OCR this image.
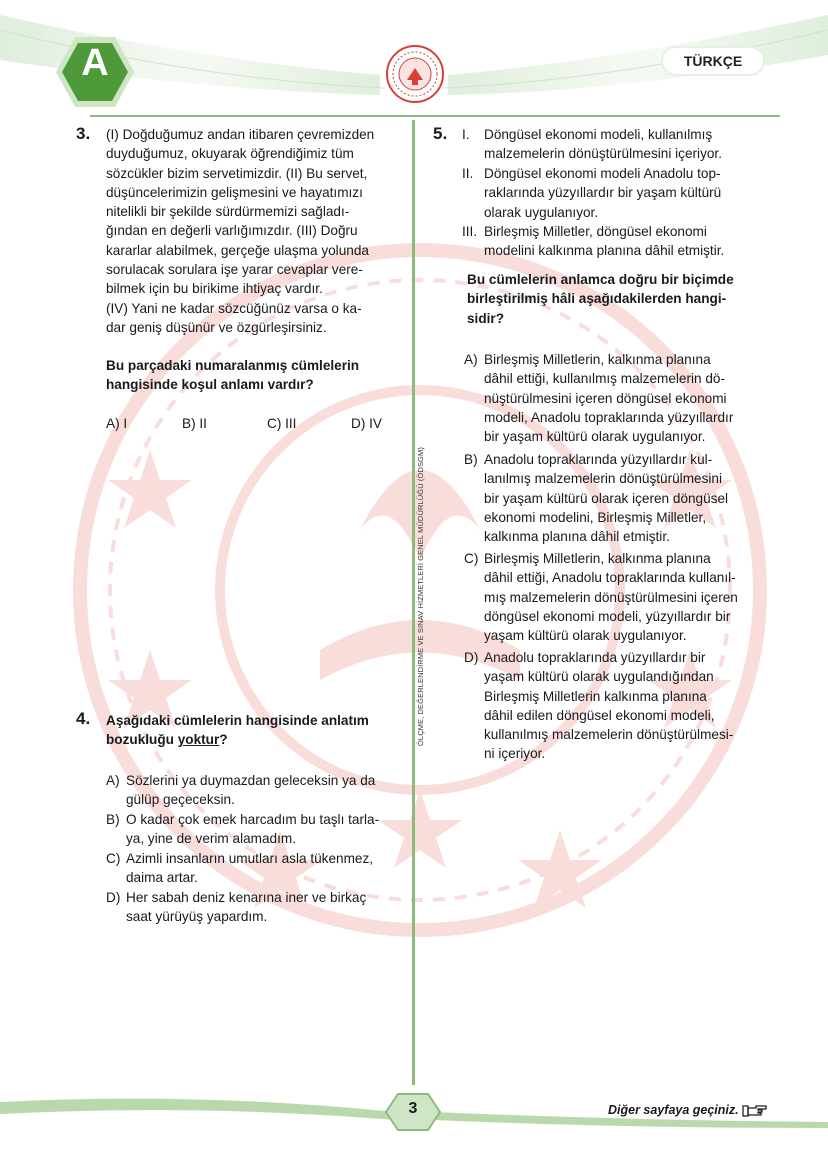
A	TÜRKÇE
ÖLÇME, DEĞERLENDİRME VE SINAV HİZMETLERİ GENEL MÜDÜRLÜĞÜ (ÖDSGM)
3. (I) Doğduğumuz andan itibaren çevremizden
duyduğumuz, okuyarak öğrendiğimiz tüm
sözcükler bizim servetimizdir. (II) Bu servet,
düşüncelerimizin gelişmesini ve hayatımızı
nitelikli bir şekilde sürdürmemizi sağladı-
ğından en değerli varlığımızdır. (III) Doğru
kararlar alabilmek, gerçeğe ulaşma yolunda
sorulacak sorulara işe yarar cevaplar vere-
bilmek için bu birikime ihtiyaç vardır.
(IV) Yani ne kadar sözcüğünüz varsa o ka-
dar geniş düşünür ve özgürleşirsiniz.
Bu parçadaki numaralanmış cümlelerin
hangisinde koşul anlamı vardır?
A) I	B) II	C) III	D) IV
4. Aşağıdaki cümlelerin hangisinde anlatım
bozukluğu yoktur?
A) Sözlerini ya duymazdan geleceksin ya da
gülüp geçeceksin.
B) O kadar çok emek harcadım bu taşlı tarla-
ya, yine de verim alamadım.
C) Azimli insanların umutları asla tükenmez,
daima artar.
D) Her sabah deniz kenarına iner ve birkaç
saat yürüyüş yapardım.
5. I. Döngüsel ekonomi modeli, kullanılmış
malzemelerin dönüştürülmesini içeriyor.
II. Döngüsel ekonomi modeli Anadolu top-
raklarında yüzyıllardır bir yaşam kültürü
olarak uygulanıyor.
III. Birleşmiş Milletler, döngüsel ekonomi
modelini kalkınma planına dâhil etmiştir.
Bu cümlelerin anlamca doğru bir biçimde
birleştirilmiş hâli aşağıdakilerden hangi-
sidir?
A) Birleşmiş Milletlerin, kalkınma planına
dâhil ettiği, kullanılmış malzemelerin dö-
nüştürülmesini içeren döngüsel ekonomi
modeli, Anadolu topraklarında yüzyıllardır
bir yaşam kültürü olarak uygulanıyor.
B) Anadolu topraklarında yüzyıllardır kul-
lanılmış malzemelerin dönüştürülmesini
bir yaşam kültürü olarak içeren döngüsel
ekonomi modelini, Birleşmiş Milletler,
kalkınma planına dâhil etmiştir.
C) Birleşmiş Milletlerin, kalkınma planına
dâhil ettiği, Anadolu topraklarında kullanıl-
mış malzemelerin dönüştürülmesini içeren
döngüsel ekonomi modeli, yüzyıllardır bir
yaşam kültürü olarak uygulanıyor.
D) Anadolu topraklarında yüzyıllardır bir
yaşam kültürü olarak uygulandığından
Birleşmiş Milletlerin kalkınma planına
dâhil edilen döngüsel ekonomi modeli,
kullanılmış malzemelerin dönüştürülmesi-
ni içeriyor.
3	Diğer sayfaya geçiniz.
